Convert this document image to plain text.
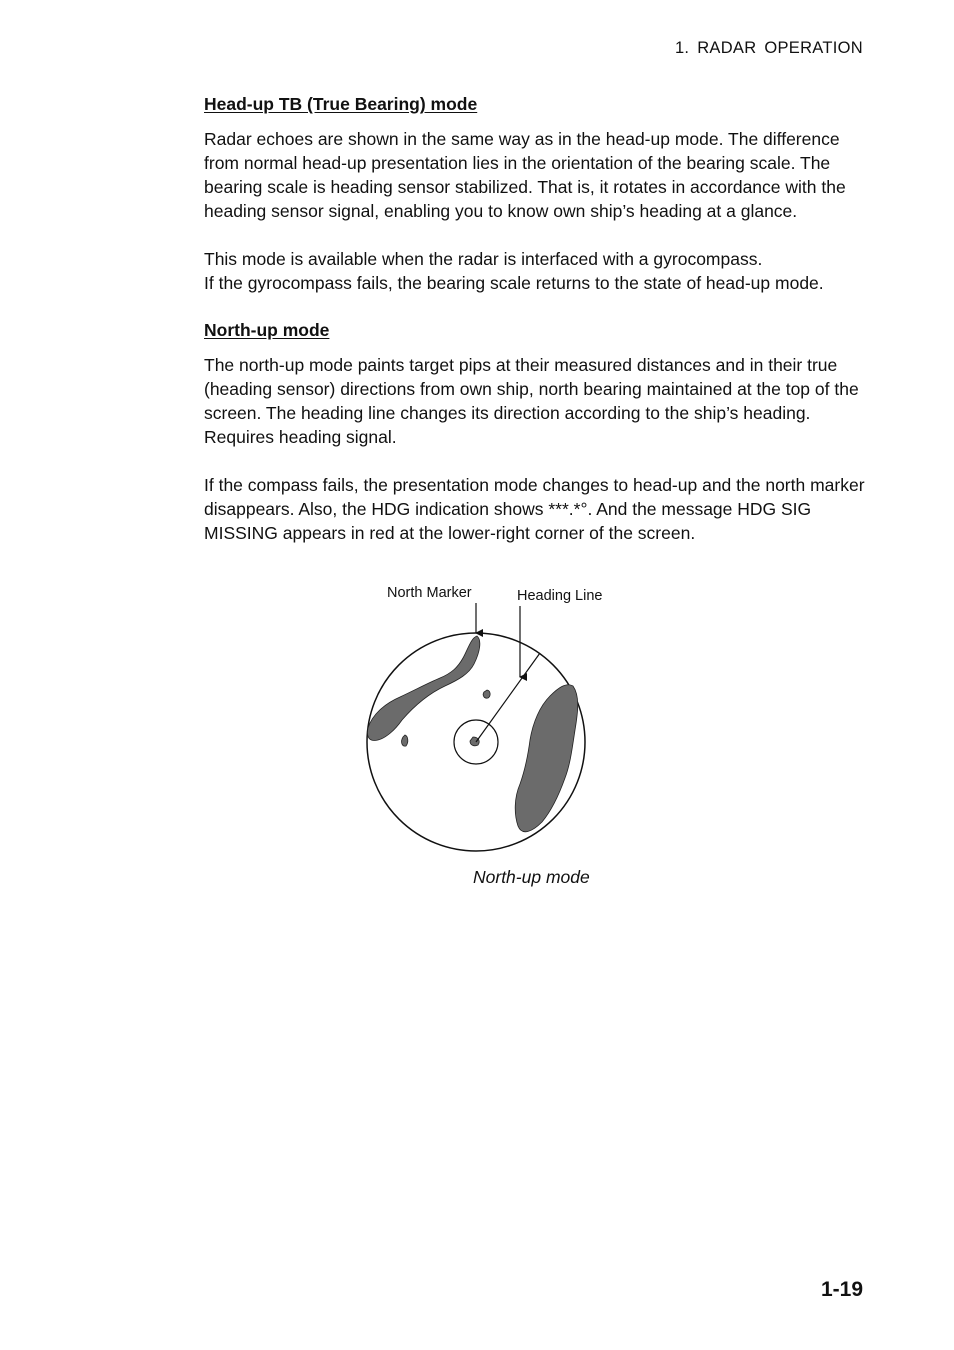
1. RADAR OPERATION
Head-up TB (True Bearing) mode

Radar echoes are shown in the same way as in the head-up mode. The difference from normal head-up presentation lies in the orientation of the bearing scale. The bearing scale is heading sensor stabilized. That is, it rotates in accordance with the heading sensor signal, enabling you to know own ship’s heading at a glance.

This mode is available when the radar is interfaced with a gyrocompass.
If the gyrocompass fails, the bearing scale returns to the state of head-up mode.

North-up mode

The north-up mode paints target pips at their measured distances and in their true (heading sensor) directions from own ship, north bearing maintained at the top of the screen. The heading line changes its direction according to the ship’s heading. Requires heading signal.

If the compass fails, the presentation mode changes to head-up and the north marker disappears. Also, the HDG indication shows ***.*°. And the message HDG SIG MISSING appears in red at the lower-right corner of the screen.

North Marker	Heading Line
North-up mode
1-19
